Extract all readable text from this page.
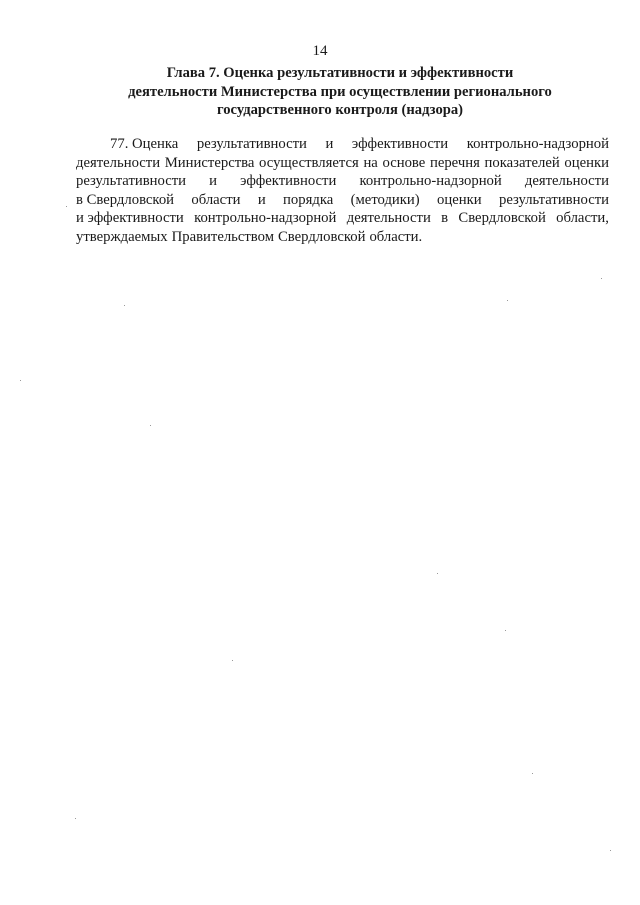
14
Глава 7. Оценка результативности и эффективности
деятельности Министерства при осуществлении регионального
государственного контроля (надзора)
77. Оценка результативности и эффективности контрольно-надзорной
деятельности Министерства осуществляется на основе перечня показателей оценки
результативности и эффективности контрольно-надзорной деятельности
в Свердловской области и порядка (методики) оценки результативности
и эффективности контрольно-надзорной деятельности в Свердловской области,
утверждаемых Правительством Свердловской области.
